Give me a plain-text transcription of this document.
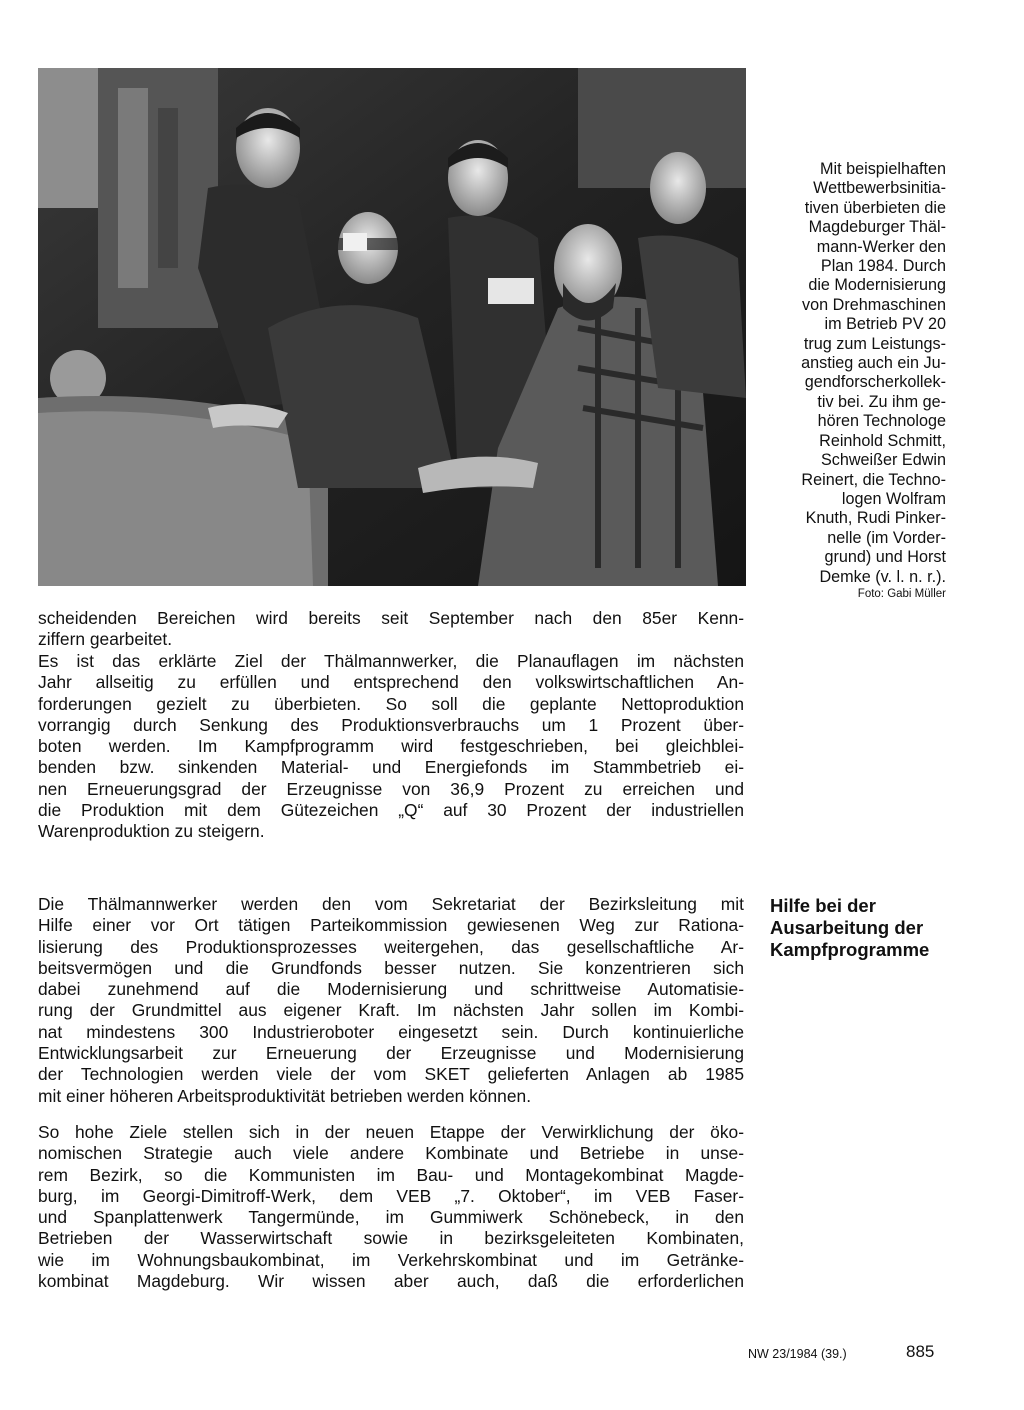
Mit beispielhaften
Wettbewerbsinitia-
tiven überbieten die
Magdeburger Thäl-
mann-Werker den
Plan 1984. Durch
die Modernisierung
von Drehmaschinen
im Betrieb PV 20
trug zum Leistungs-
anstieg auch ein Ju-
gendforscherkollek-
tiv bei. Zu ihm ge-
hören Technologe
Reinhold Schmitt,
Schweißer Edwin
Reinert, die Techno-
logen Wolfram
Knuth, Rudi Pinker-
nelle (im Vorder-
grund) und Horst
Demke (v. l. n. r.).
Foto: Gabi Müller
scheidenden Bereichen wird bereits seit September nach den 85er Kenn-
ziffern gearbeitet.
Es ist das erklärte Ziel der Thälmannwerker, die Planauflagen im nächsten
Jahr allseitig zu erfüllen und entsprechend den volkswirtschaftlichen An-
forderungen gezielt zu überbieten. So soll die geplante Nettoproduktion
vorrangig durch Senkung des Produktionsverbrauchs um 1 Prozent über-
boten werden. Im Kampfprogramm wird festgeschrieben, bei gleichblei-
benden bzw. sinkenden Material- und Energiefonds im Stammbetrieb ei-
nen Erneuerungsgrad der Erzeugnisse von 36,9 Prozent zu erreichen und
die Produktion mit dem Gütezeichen „Q“ auf 30 Prozent der industriellen
Warenproduktion zu steigern.
Hilfe bei der
Ausarbeitung der
Kampfprogramme
Die Thälmannwerker werden den vom Sekretariat der Bezirksleitung mit
Hilfe einer vor Ort tätigen Parteikommission gewiesenen Weg zur Rationa-
lisierung des Produktionsprozesses weitergehen, das gesellschaftliche Ar-
beitsvermögen und die Grundfonds besser nutzen. Sie konzentrieren sich
dabei zunehmend auf die Modernisierung und schrittweise Automatisie-
rung der Grundmittel aus eigener Kraft. Im nächsten Jahr sollen im Kombi-
nat mindestens 300 Industrieroboter eingesetzt sein. Durch kontinuierliche
Entwicklungsarbeit zur Erneuerung der Erzeugnisse und Modernisierung
der Technologien werden viele der vom SKET gelieferten Anlagen ab 1985
mit einer höheren Arbeitsproduktivität betrieben werden können.
So hohe Ziele stellen sich in der neuen Etappe der Verwirklichung der öko-
nomischen Strategie auch viele andere Kombinate und Betriebe in unse-
rem Bezirk, so die Kommunisten im Bau- und Montagekombinat Magde-
burg, im Georgi-Dimitroff-Werk, dem VEB „7. Oktober“, im VEB Faser-
und Spanplattenwerk Tangermünde, im Gummiwerk Schönebeck, in den
Betrieben der Wasserwirtschaft sowie in bezirksgeleiteten Kombinaten,
wie im Wohnungsbaukombinat, im Verkehrskombinat und im Getränke-
kombinat Magdeburg. Wir wissen aber auch, daß die erforderlichen
NW 23/1984 (39.)	885
